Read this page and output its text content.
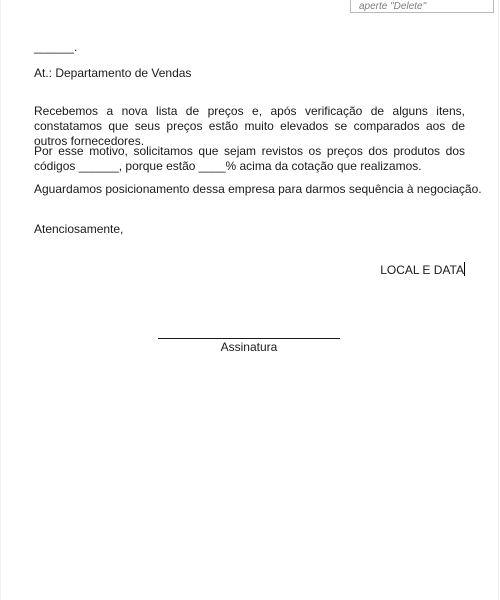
aperte "Delete"
______.
At.: Departamento de Vendas
Recebemos a nova lista de preços e, após verificação de alguns itens, constatamos que seus preços estão muito elevados se comparados aos de outros fornecedores.
Por esse motivo, solicitamos que sejam revistos os preços dos produtos dos códigos ______, porque estão ____% acima da cotação que realizamos.
Aguardamos posicionamento dessa empresa para darmos sequência à negociação.
Atenciosamente,
LOCAL E DATA
Assinatura
